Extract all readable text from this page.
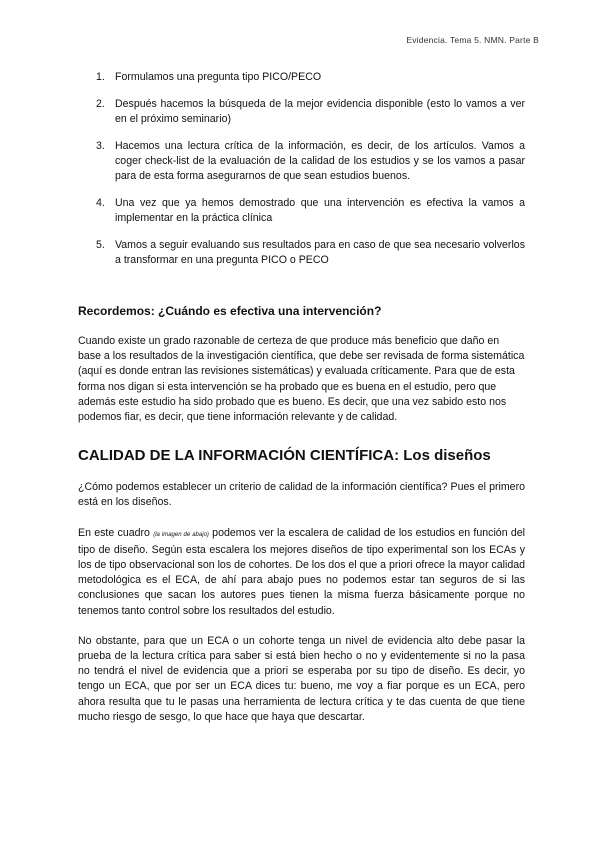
Evidencia. Tema 5. NMN. Parte B
1. Formulamos una pregunta tipo PICO/PECO
2. Después hacemos la búsqueda de la mejor evidencia disponible (esto lo vamos a ver en el próximo seminario)
3. Hacemos una lectura crítica de la información, es decir, de los artículos. Vamos a coger check-list de la evaluación de la calidad de los estudios y se los vamos a pasar para de esta forma asegurarnos de que sean estudios buenos.
4. Una vez que ya hemos demostrado que una intervención es efectiva la vamos a implementar en la práctica clínica
5. Vamos a seguir evaluando sus resultados para en caso de que sea necesario volverlos a transformar en una pregunta PICO o PECO
Recordemos: ¿Cuándo es efectiva una intervención?

Cuando existe un grado razonable de certeza de que produce más beneficio que daño en base a los resultados de la investigación científica, que debe ser revisada de forma sistemática (aquí es donde entran las revisiones sistemáticas) y evaluada críticamente. Para que de esta forma nos digan si esta intervención se ha probado que es buena en el estudio, pero que además este estudio ha sido probado que es bueno. Es decir, que una vez sabido esto nos podemos fiar, es decir, que tiene información relevante y de calidad.

CALIDAD DE LA INFORMACIÓN CIENTÍFICA: Los diseños

¿Cómo podemos establecer un criterio de calidad de la información científica? Pues el primero está en los diseños.

En este cuadro (la imagen de abajo) podemos ver la escalera de calidad de los estudios en función del tipo de diseño. Según esta escalera los mejores diseños de tipo experimental son los ECAs y los de tipo observacional son los de cohortes. De los dos el que a priori ofrece la mayor calidad metodológica es el ECA, de ahí para abajo pues no podemos estar tan seguros de si las conclusiones que sacan los autores pues tienen la misma fuerza básicamente porque no tenemos tanto control sobre los resultados del estudio.

No obstante, para que un ECA o un cohorte tenga un nivel de evidencia alto debe pasar la prueba de la lectura crítica para saber si está bien hecho o no y evidentemente si no la pasa no tendrá el nivel de evidencia que a priori se esperaba por su tipo de diseño. Es decir, yo tengo un ECA, que por ser un ECA dices tu: bueno, me voy a fiar porque es un ECA, pero ahora resulta que tu le pasas una herramienta de lectura crítica y te das cuenta de que tiene mucho riesgo de sesgo, lo que hace que haya que descartar.
